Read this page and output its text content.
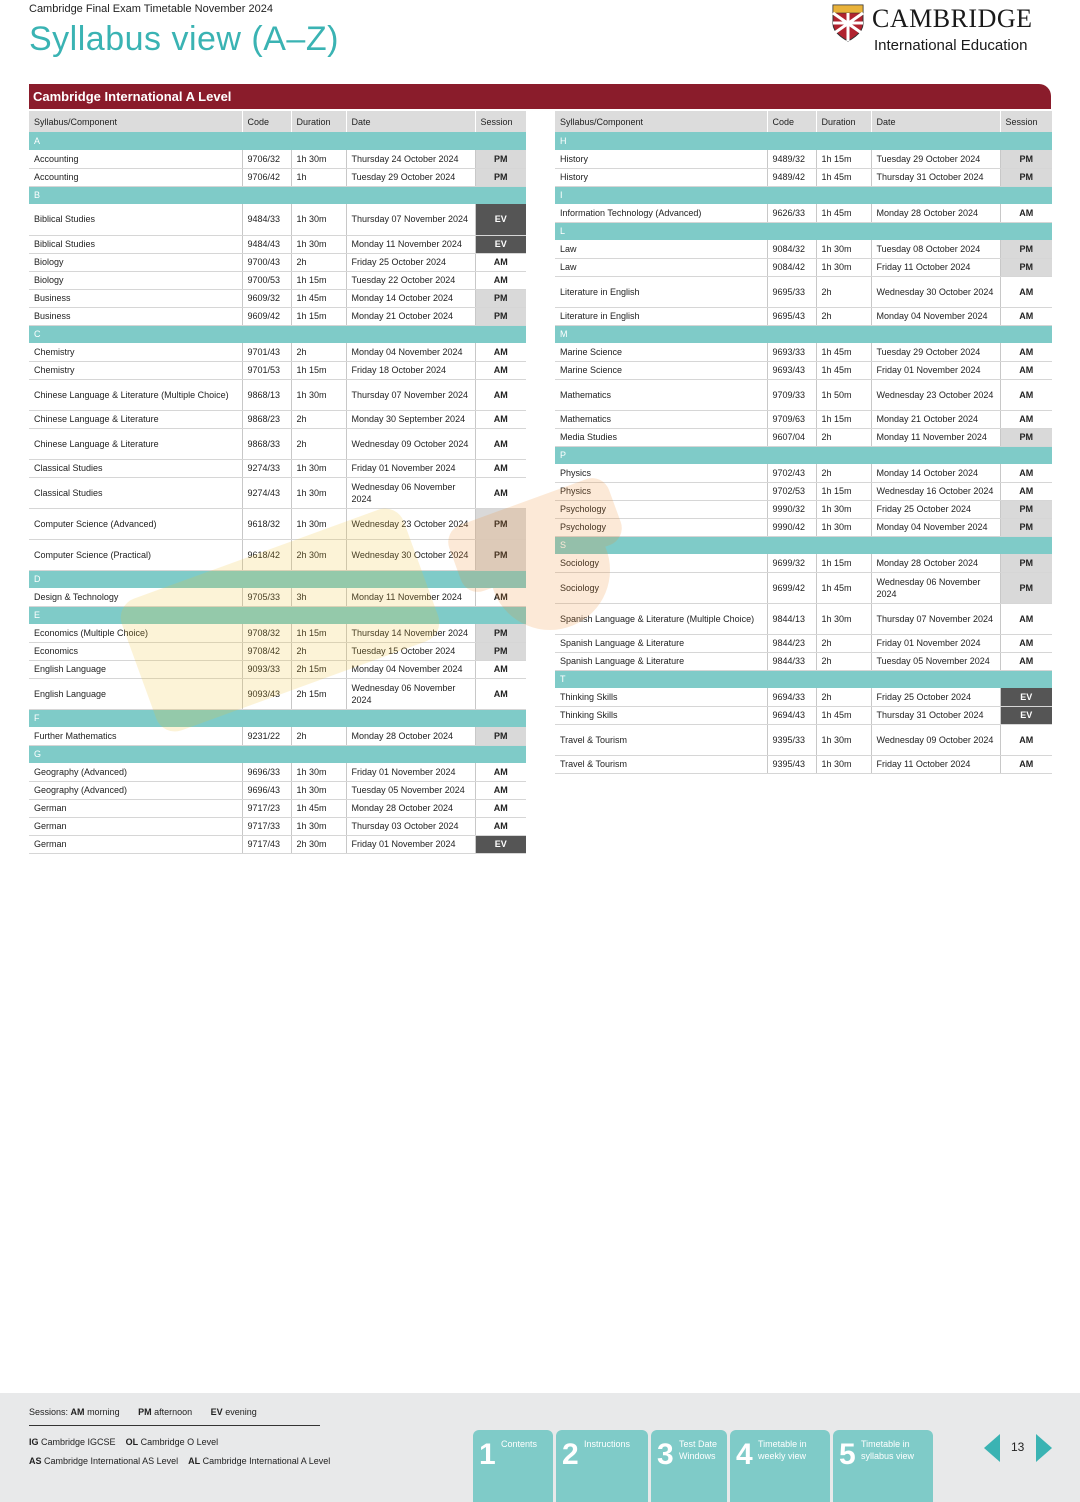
Cambridge Final Exam Timetable November 2024
Syllabus view (A–Z)
CAMBRIDGE
International Education
Cambridge International A Level
Syllabus/Component	Code	Duration	Date	Session
A				
Accounting	9706/32	1h 30m	Thursday 24 October 2024	PM
Accounting	9706/42	1h	Tuesday 29 October 2024	PM
B				
Biblical Studies	9484/33	1h 30m	Thursday 07 November 2024	EV
Biblical Studies	9484/43	1h 30m	Monday 11 November 2024	EV
Biology	9700/43	2h	Friday 25 October 2024	AM
Biology	9700/53	1h 15m	Tuesday 22 October 2024	AM
Business	9609/32	1h 45m	Monday 14 October 2024	PM
Business	9609/42	1h 15m	Monday 21 October 2024	PM
C				
Chemistry	9701/43	2h	Monday 04 November 2024	AM
Chemistry	9701/53	1h 15m	Friday 18 October 2024	AM
Chinese Language & Literature (Multiple Choice)	9868/13	1h 30m	Thursday 07 November 2024	AM
Chinese Language & Literature	9868/23	2h	Monday 30 September 2024	AM
Chinese Language & Literature	9868/33	2h	Wednesday 09 October 2024	AM
Classical Studies	9274/33	1h 30m	Friday 01 November 2024	AM
Classical Studies	9274/43	1h 30m	Wednesday 06 November 2024	AM
Computer Science (Advanced)	9618/32	1h 30m	Wednesday 23 October 2024	PM
Computer Science (Practical)	9618/42	2h 30m	Wednesday 30 October 2024	PM
D				
Design & Technology	9705/33	3h	Monday 11 November 2024	AM
E				
Economics (Multiple Choice)	9708/32	1h 15m	Thursday 14 November 2024	PM
Economics	9708/42	2h	Tuesday 15 October 2024	PM
English Language	9093/33	2h 15m	Monday 04 November 2024	AM
English Language	9093/43	2h 15m	Wednesday 06 November 2024	AM
F				
Further Mathematics	9231/22	2h	Monday 28 October 2024	PM
G				
Geography (Advanced)	9696/33	1h 30m	Friday 01 November 2024	AM
Geography (Advanced)	9696/43	1h 30m	Tuesday 05 November 2024	AM
German	9717/23	1h 45m	Monday 28 October 2024	AM
German	9717/33	1h 30m	Thursday 03 October 2024	AM
German	9717/43	2h 30m	Friday 01 November 2024	EV
Syllabus/Component	Code	Duration	Date	Session
H				
History	9489/32	1h 15m	Tuesday 29 October 2024	PM
History	9489/42	1h 45m	Thursday 31 October 2024	PM
I				
Information Technology (Advanced)	9626/33	1h 45m	Monday 28 October 2024	AM
L				
Law	9084/32	1h 30m	Tuesday 08 October 2024	PM
Law	9084/42	1h 30m	Friday 11 October 2024	PM
Literature in English	9695/33	2h	Wednesday 30 October 2024	AM
Literature in English	9695/43	2h	Monday 04 November 2024	AM
M				
Marine Science	9693/33	1h 45m	Tuesday 29 October 2024	AM
Marine Science	9693/43	1h 45m	Friday 01 November 2024	AM
Mathematics	9709/33	1h 50m	Wednesday 23 October 2024	AM
Mathematics	9709/63	1h 15m	Monday 21 October 2024	AM
Media Studies	9607/04	2h	Monday 11 November 2024	PM
P				
Physics	9702/43	2h	Monday 14 October 2024	AM
Physics	9702/53	1h 15m	Wednesday 16 October 2024	AM
Psychology	9990/32	1h 30m	Friday 25 October 2024	PM
Psychology	9990/42	1h 30m	Monday 04 November 2024	PM
S				
Sociology	9699/32	1h 15m	Monday 28 October 2024	PM
Sociology	9699/42	1h 45m	Wednesday 06 November 2024	PM
Spanish Language & Literature (Multiple Choice)	9844/13	1h 30m	Thursday 07 November 2024	AM
Spanish Language & Literature	9844/23	2h	Friday 01 November 2024	AM
Spanish Language & Literature	9844/33	2h	Tuesday 05 November 2024	AM
T				
Thinking Skills	9694/33	2h	Friday 25 October 2024	EV
Thinking Skills	9694/43	1h 45m	Thursday 31 October 2024	EV
Travel & Tourism	9395/33	1h 30m	Wednesday 09 October 2024	AM
Travel & Tourism	9395/43	1h 30m	Friday 11 October 2024	AM
Sessions: AM morning PM afternoon EV evening
IG Cambridge IGCSE OL Cambridge O Level
AS Cambridge International AS Level AL Cambridge International A Level	1 Contents 2 Instructions 3 Test Date Windows 4 Timetable in weekly view	5 Timetable in syllabus view
13
